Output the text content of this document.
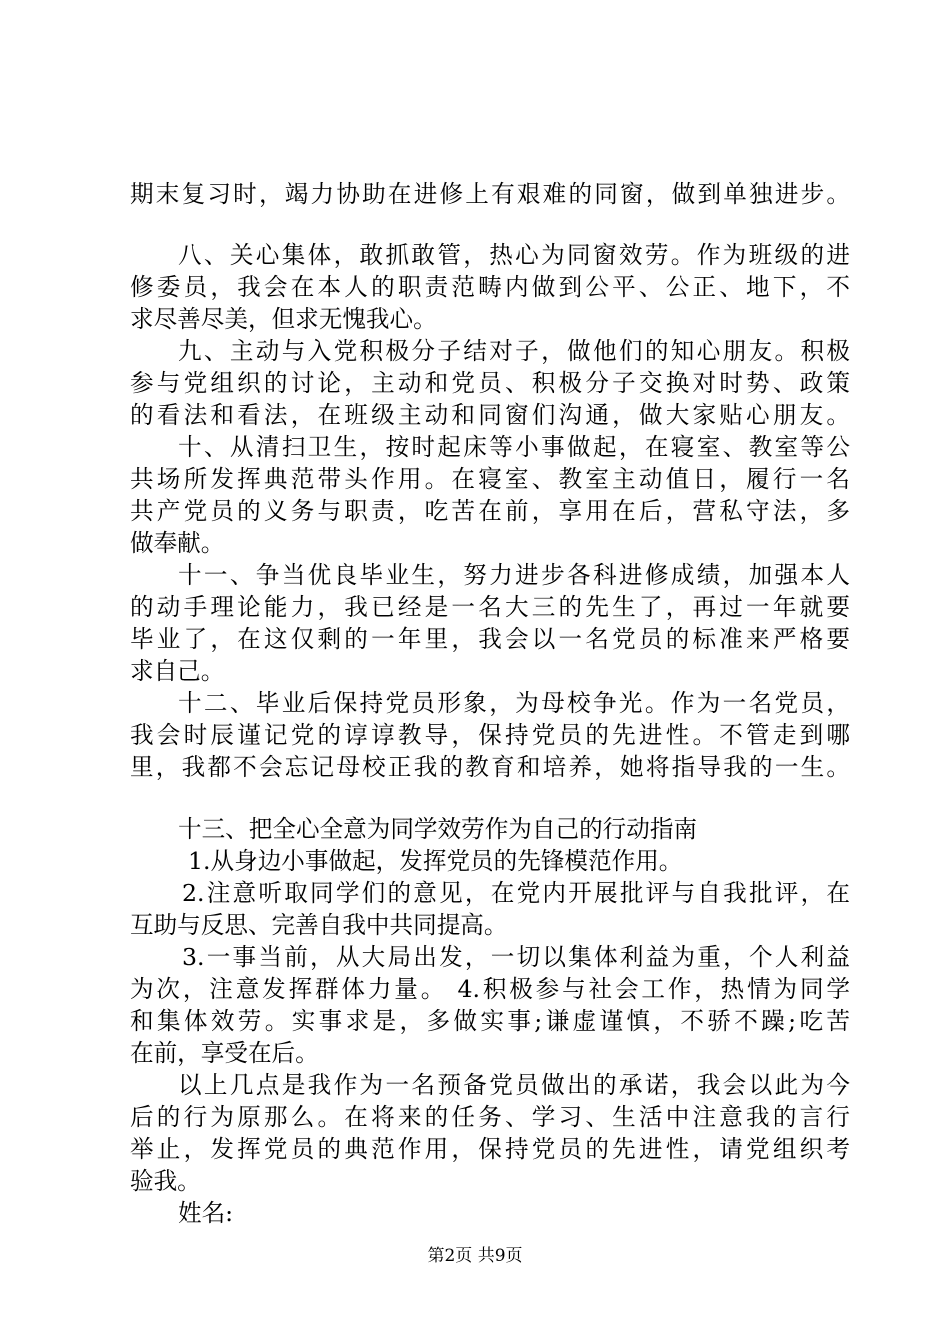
期末复习时，竭力协助在进修上有艰难的同窗，做到单独进步。
八、关心集体，敢抓敢管，热心为同窗效劳。作为班级的进
修委员，我会在本人的职责范畴内做到公平、公正、地下，不
求尽善尽美，但求无愧我心。
九、主动与入党积极分子结对子，做他们的知心朋友。积极
参与党组织的讨论，主动和党员、积极分子交换对时势、政策
的看法和看法，在班级主动和同窗们沟通，做大家贴心朋友。
十、从清扫卫生，按时起床等小事做起，在寝室、教室等公
共场所发挥典范带头作用。在寝室、教室主动值日，履行一名
共产党员的义务与职责，吃苦在前，享用在后，营私守法，多
做奉献。
十一、争当优良毕业生，努力进步各科进修成绩，加强本人
的动手理论能力，我已经是一名大三的先生了，再过一年就要
毕业了，在这仅剩的一年里，我会以一名党员的标准来严格要
求自己。
十二、毕业后保持党员形象，为母校争光。作为一名党员，
我会时辰谨记党的谆谆教导，保持党员的先进性。不管走到哪
里，我都不会忘记母校正我的教育和培养，她将指导我的一生。
十三、把全心全意为同学效劳作为自己的行动指南
1.从身边小事做起，发挥党员的先锋模范作用。
2.注意听取同学们的意见，在党内开展批评与自我批评，在
互助与反思、完善自我中共同提高。
3.一事当前，从大局出发，一切以集体利益为重，个人利益
为次，注意发挥群体力量。 4.积极参与社会工作，热情为同学
和集体效劳。实事求是，多做实事;谦虚谨慎，不骄不躁;吃苦
在前，享受在后。
以上几点是我作为一名预备党员做出的承诺，我会以此为今
后的行为原那么。在将来的任务、学习、生活中注意我的言行
举止，发挥党员的典范作用，保持党员的先进性，请党组织考
验我。
姓名:
第2页 共9页
